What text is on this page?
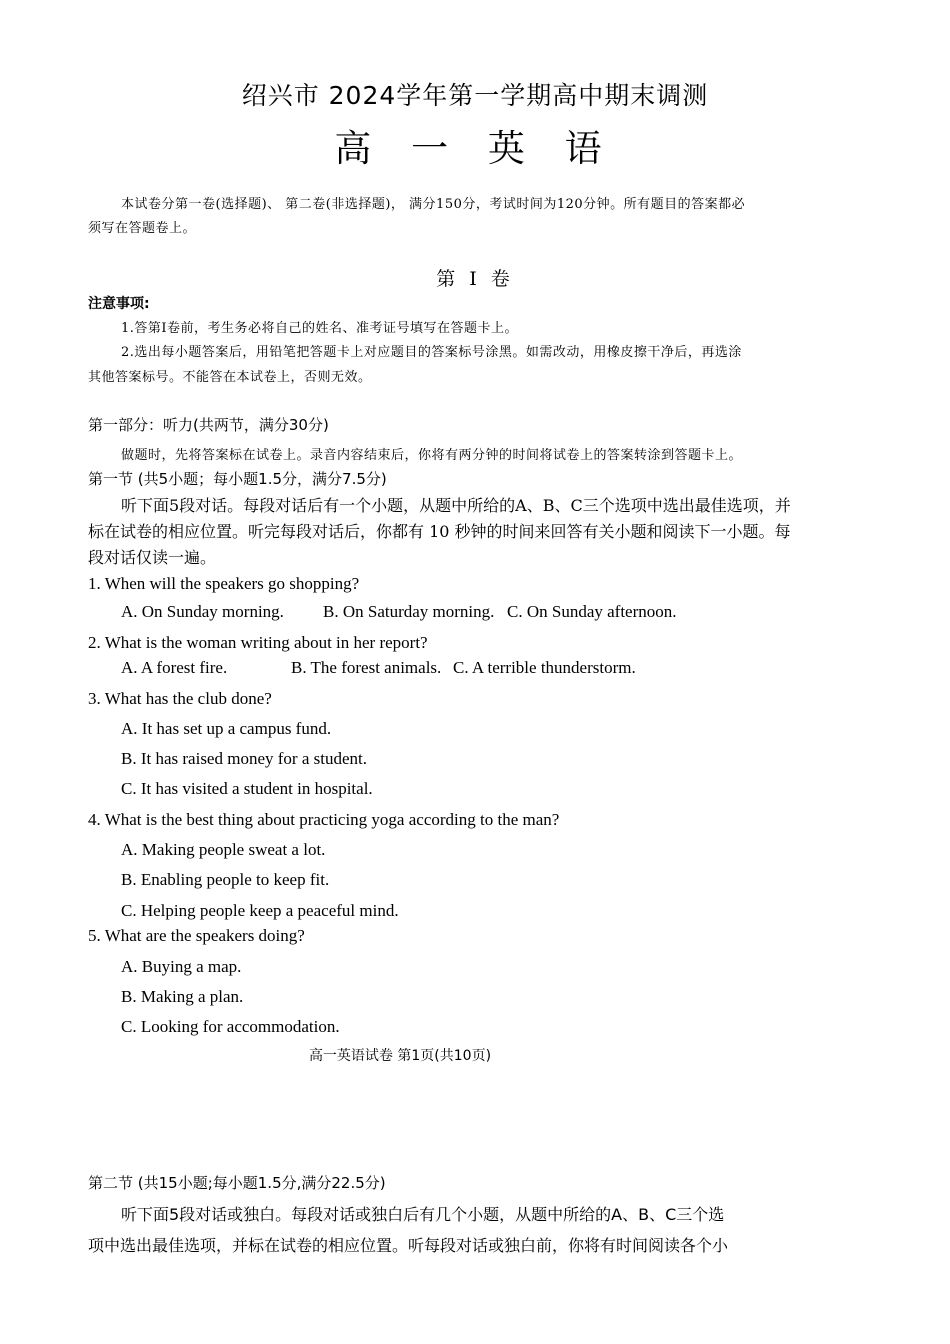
绍兴市 2024学年第一学期高中期末调测
高 一 英 语
本试卷分第一卷(选择题)、 第二卷(非选择题)， 满分150分，考试时间为120分钟。所有题目的答案都必
须写在答题卷上。
第 I 卷
注意事项:
1.答第Ⅰ卷前，考生务必将自己的姓名、准考证号填写在答题卡上。
2.选出每小题答案后，用铅笔把答题卡上对应题目的答案标号涂黑。如需改动，用橡皮擦干净后，再选涂
其他答案标号。不能答在本试卷上，否则无效。
第一部分：听力(共两节，满分30分)
做题时，先将答案标在试卷上。录音内容结束后，你将有两分钟的时间将试卷上的答案转涂到答题卡上。
第一节 (共5小题；每小题1.5分，满分7.5分)
听下面5段对话。每段对话后有一个小题，从题中所给的A、B、C三个选项中选出最佳选项，并
标在试卷的相应位置。听完每段对话后，你都有 10 秒钟的时间来回答有关小题和阅读下一小题。每
段对话仅读一遍。
1. When will the speakers go shopping?
A. On Sunday morning. B. On Saturday morning. C. On Sunday afternoon.
2. What is the woman writing about in her report?
A. A forest fire.	B. The forest animals. C. A terrible thunderstorm.
3. What has the club done?
A. It has set up a campus fund.
B. It has raised money for a student.
C. It has visited a student in hospital.
4. What is the best thing about practicing yoga according to the man?
A. Making people sweat a lot.
B. Enabling people to keep fit.
C. Helping people keep a peaceful mind.
5. What are the speakers doing?
A. Buying a map.
B. Making a plan.
C. Looking for accommodation.
高一英语试卷 第1页(共10页)
第二节 (共15小题;每小题1.5分,满分22.5分)
听下面5段对话或独白。每段对话或独白后有几个小题，从题中所给的A、B、C三个选
项中选出最佳选项，并标在试卷的相应位置。听每段对话或独白前，你将有时间阅读各个小
